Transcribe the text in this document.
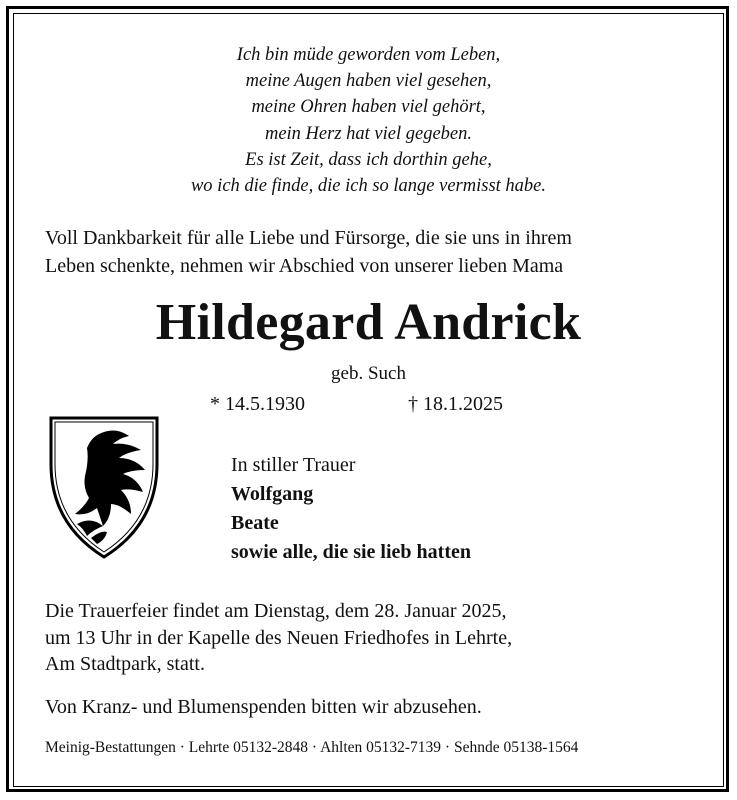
Ich bin müde geworden vom Leben,
meine Augen haben viel gesehen,
meine Ohren haben viel gehört,
mein Herz hat viel gegeben.
Es ist Zeit, dass ich dorthin gehe,
wo ich die finde, die ich so lange vermisst habe.
Voll Dankbarkeit für alle Liebe und Fürsorge, die sie uns in ihrem
Leben schenkte, nehmen wir Abschied von unserer lieben Mama
Hildegard Andrick
geb. Such
* 14.5.1930	† 18.1.2025
In stiller Trauer
Wolfgang
Beate
sowie alle, die sie lieb hatten
Die Trauerfeier findet am Dienstag, dem 28. Januar 2025,
um 13 Uhr in der Kapelle des Neuen Friedhofes in Lehrte,
Am Stadtpark, statt.
Von Kranz- und Blumenspenden bitten wir abzusehen.
Meinig-Bestattungen · Lehrte 05132-2848 · Ahlten 05132-7139 · Sehnde 05138-1564
